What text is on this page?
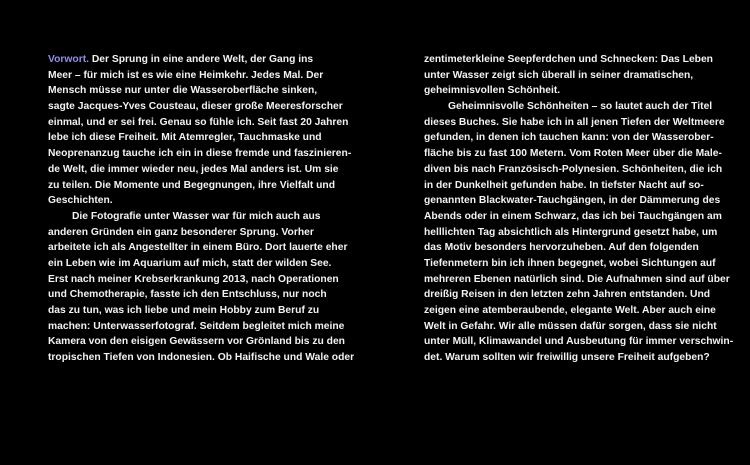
Vorwort. Der Sprung in eine andere Welt, der Gang ins
Meer – für mich ist es wie eine Heimkehr. Jedes Mal. Der
Mensch müsse nur unter die Wasseroberfläche sinken,
sagte Jacques-Yves Cousteau, dieser große Meeresforscher
einmal, und er sei frei. Genau so fühle ich. Seit fast 20 Jahren
lebe ich diese Freiheit. Mit Atemregler, Tauchmaske und
Neoprenanzug tauche ich ein in diese fremde und faszinieren-
de Welt, die immer wieder neu, jedes Mal anders ist. Um sie
zu teilen. Die Momente und Begegnungen, ihre Vielfalt und
Geschichten.
Die Fotografie unter Wasser war für mich auch aus
anderen Gründen ein ganz besonderer Sprung. Vorher
arbeitete ich als Angestellter in einem Büro. Dort lauerte eher
ein Leben wie im Aquarium auf mich, statt der wilden See.
Erst nach meiner Krebserkrankung 2013, nach Operationen
und Chemotherapie, fasste ich den Entschluss, nur noch
das zu tun, was ich liebe und mein Hobby zum Beruf zu
machen: Unterwasserfotograf. Seitdem begleitet mich meine
Kamera von den eisigen Gewässern vor Grönland bis zu den
tropischen Tiefen von Indonesien. Ob Haifische und Wale oder
zentimeterkleine Seepferdchen und Schnecken: Das Leben
unter Wasser zeigt sich überall in seiner dramatischen,
geheimnisvollen Schönheit.
Geheimnisvolle Schönheiten – so lautet auch der Titel
dieses Buches. Sie habe ich in all jenen Tiefen der Weltmeere
gefunden, in denen ich tauchen kann: von der Wasserober-
fläche bis zu fast 100 Metern. Vom Roten Meer über die Male-
diven bis nach Französisch-Polynesien. Schönheiten, die ich
in der Dunkelheit gefunden habe. In tiefster Nacht auf so-
genannten Blackwater-Tauchgängen, in der Dämmerung des
Abends oder in einem Schwarz, das ich bei Tauchgängen am
helllichten Tag absichtlich als Hintergrund gesetzt habe, um
das Motiv besonders hervorzuheben. Auf den folgenden
Tiefenmetern bin ich ihnen begegnet, wobei Sichtungen auf
mehreren Ebenen natürlich sind. Die Aufnahmen sind auf über
dreißig Reisen in den letzten zehn Jahren entstanden. Und
zeigen eine atemberaubende, elegante Welt. Aber auch eine
Welt in Gefahr. Wir alle müssen dafür sorgen, dass sie nicht
unter Müll, Klimawandel und Ausbeutung für immer verschwin-
det. Warum sollten wir freiwillig unsere Freiheit aufgeben?
